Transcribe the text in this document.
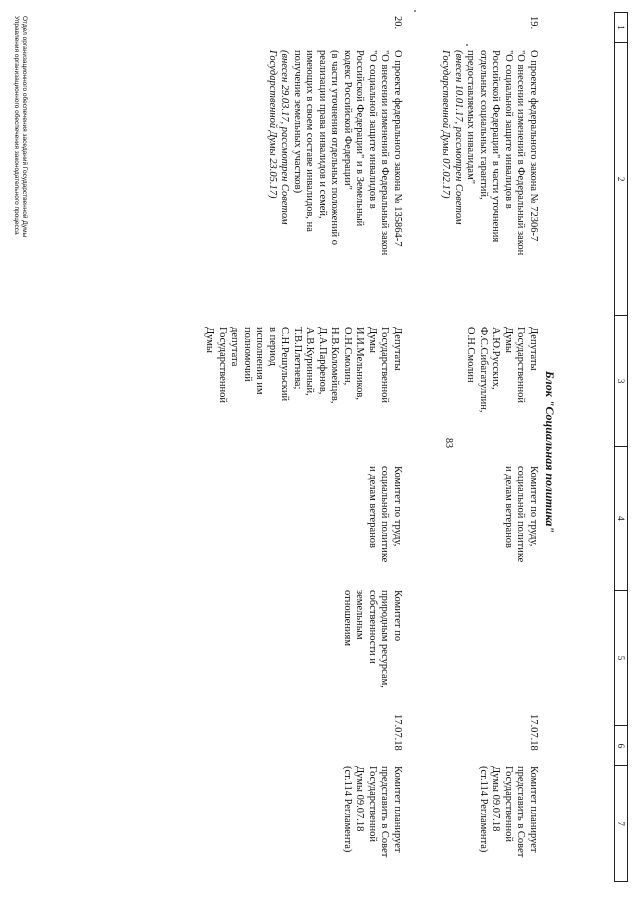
83
1
2
3
4
5
6
7
Блок "Социальная политика"
19.
О проекте федерального закона № 72306-7
"О внесении изменений в Федеральный закон
"О социальной защите инвалидов в
Российской Федерации" в части уточнения
отдельных социальных гарантий,
предоставляемых инвалидам"
(внесен 10.01.17, рассмотрен Советом
Государственной Думы 07.02.17)
Депутаты
Государственной
Думы
А.Ю.Русских,
Ф.С.Сибагатуллин,
О.Н.Смолин
Комитет по труду,
социальной политике
и делам ветеранов
17.07.18
Комитет планирует
представить в Совет
Государственной
Думы 09.07.18
(ст.114 Регламента)
20.
О проекте федерального закона № 135864-7
"О внесении изменений в Федеральный закон
"О социальной защите инвалидов в
Российской Федерации" и в Земельный
кодекс Российской Федерации"
(в части уточнения отдельных положений о
реализации права инвалидов и семей,
имеющих в своем составе инвалидов, на
получение земельных участков)
(внесен 29.03.17, рассмотрен Советом
Государственной Думы 23.05.17)
Депутаты
Государственной
Думы
И.И.Мельников,
О.Н.Смолин,
Н.В.Коломейцев,
Д.А.Парфенов,
А.В.Куринный,
Т.В.Плетнева;
С.Н.Решульский
в период
исполнения им
полномочий
депутата
Государственной
Думы
Комитет по труду,
социальной политике
и делам ветеранов
Комитет по
природным ресурсам,
собственности и
земельным
отношениям
17.07.18
Комитет планирует
представить в Совет
Государственной
Думы 09.07.18
(ст.114 Регламента)
Отдел организационного обеспечения заседаний Государственной Думы
Управления организационного обеспечения законодательного процесса
